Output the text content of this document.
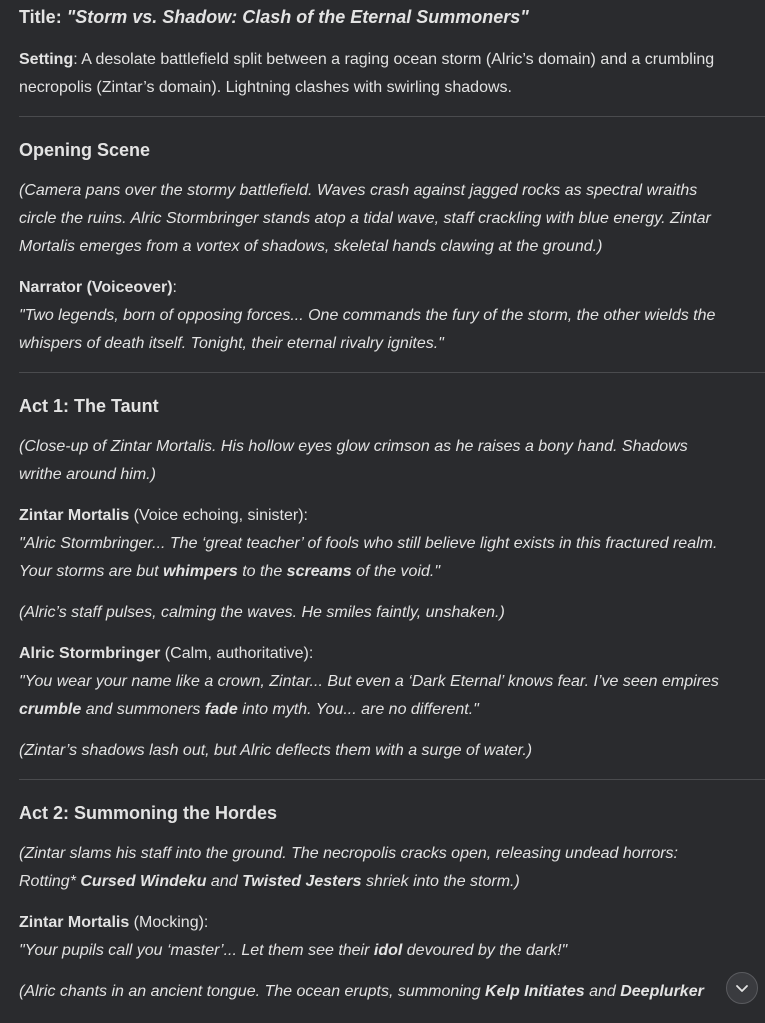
Title: "Storm vs. Shadow: Clash of the Eternal Summoners"

Setting: A desolate battlefield split between a raging ocean storm (Alric’s domain) and a crumbling

necropolis (Zintar’s domain). Lightning clashes with swirling shadows.

Opening Scene

(Camera pans over the stormy battlefield. Waves crash against jagged rocks as spectral wraiths

circle the ruins. Alric Stormbringer stands atop a tidal wave, staff crackling with blue energy. Zintar

Mortalis emerges from a vortex of shadows, skeletal hands clawing at the ground.)

Narrator (Voiceover):

"Two legends, born of opposing forces... One commands the fury of the storm, the other wields the

whispers of death itself. Tonight, their eternal rivalry ignites."

Act 1: The Taunt

(Close-up of Zintar Mortalis. His hollow eyes glow crimson as he raises a bony hand. Shadows

writhe around him.)

Zintar Mortalis (Voice echoing, sinister):

"Alric Stormbringer... The ‘great teacher’ of fools who still believe light exists in this fractured realm.

Your storms are but whimpers to the screams of the void."

(Alric’s staff pulses, calming the waves. He smiles faintly, unshaken.)

Alric Stormbringer (Calm, authoritative):

"You wear your name like a crown, Zintar... But even a ‘Dark Eternal’ knows fear. I’ve seen empires

crumble and summoners fade into myth. You... are no different."

(Zintar’s shadows lash out, but Alric deflects them with a surge of water.)

Act 2: Summoning the Hordes

(Zintar slams his staff into the ground. The necropolis cracks open, releasing undead horrors:

Rotting* Cursed Windeku and Twisted Jesters shriek into the storm.)

Zintar Mortalis (Mocking):

"Your pupils call you ‘master’... Let them see their idol devoured by the dark!"

(Alric chants in an ancient tongue. The ocean erupts, summoning Kelp Initiates and Deeplurker
